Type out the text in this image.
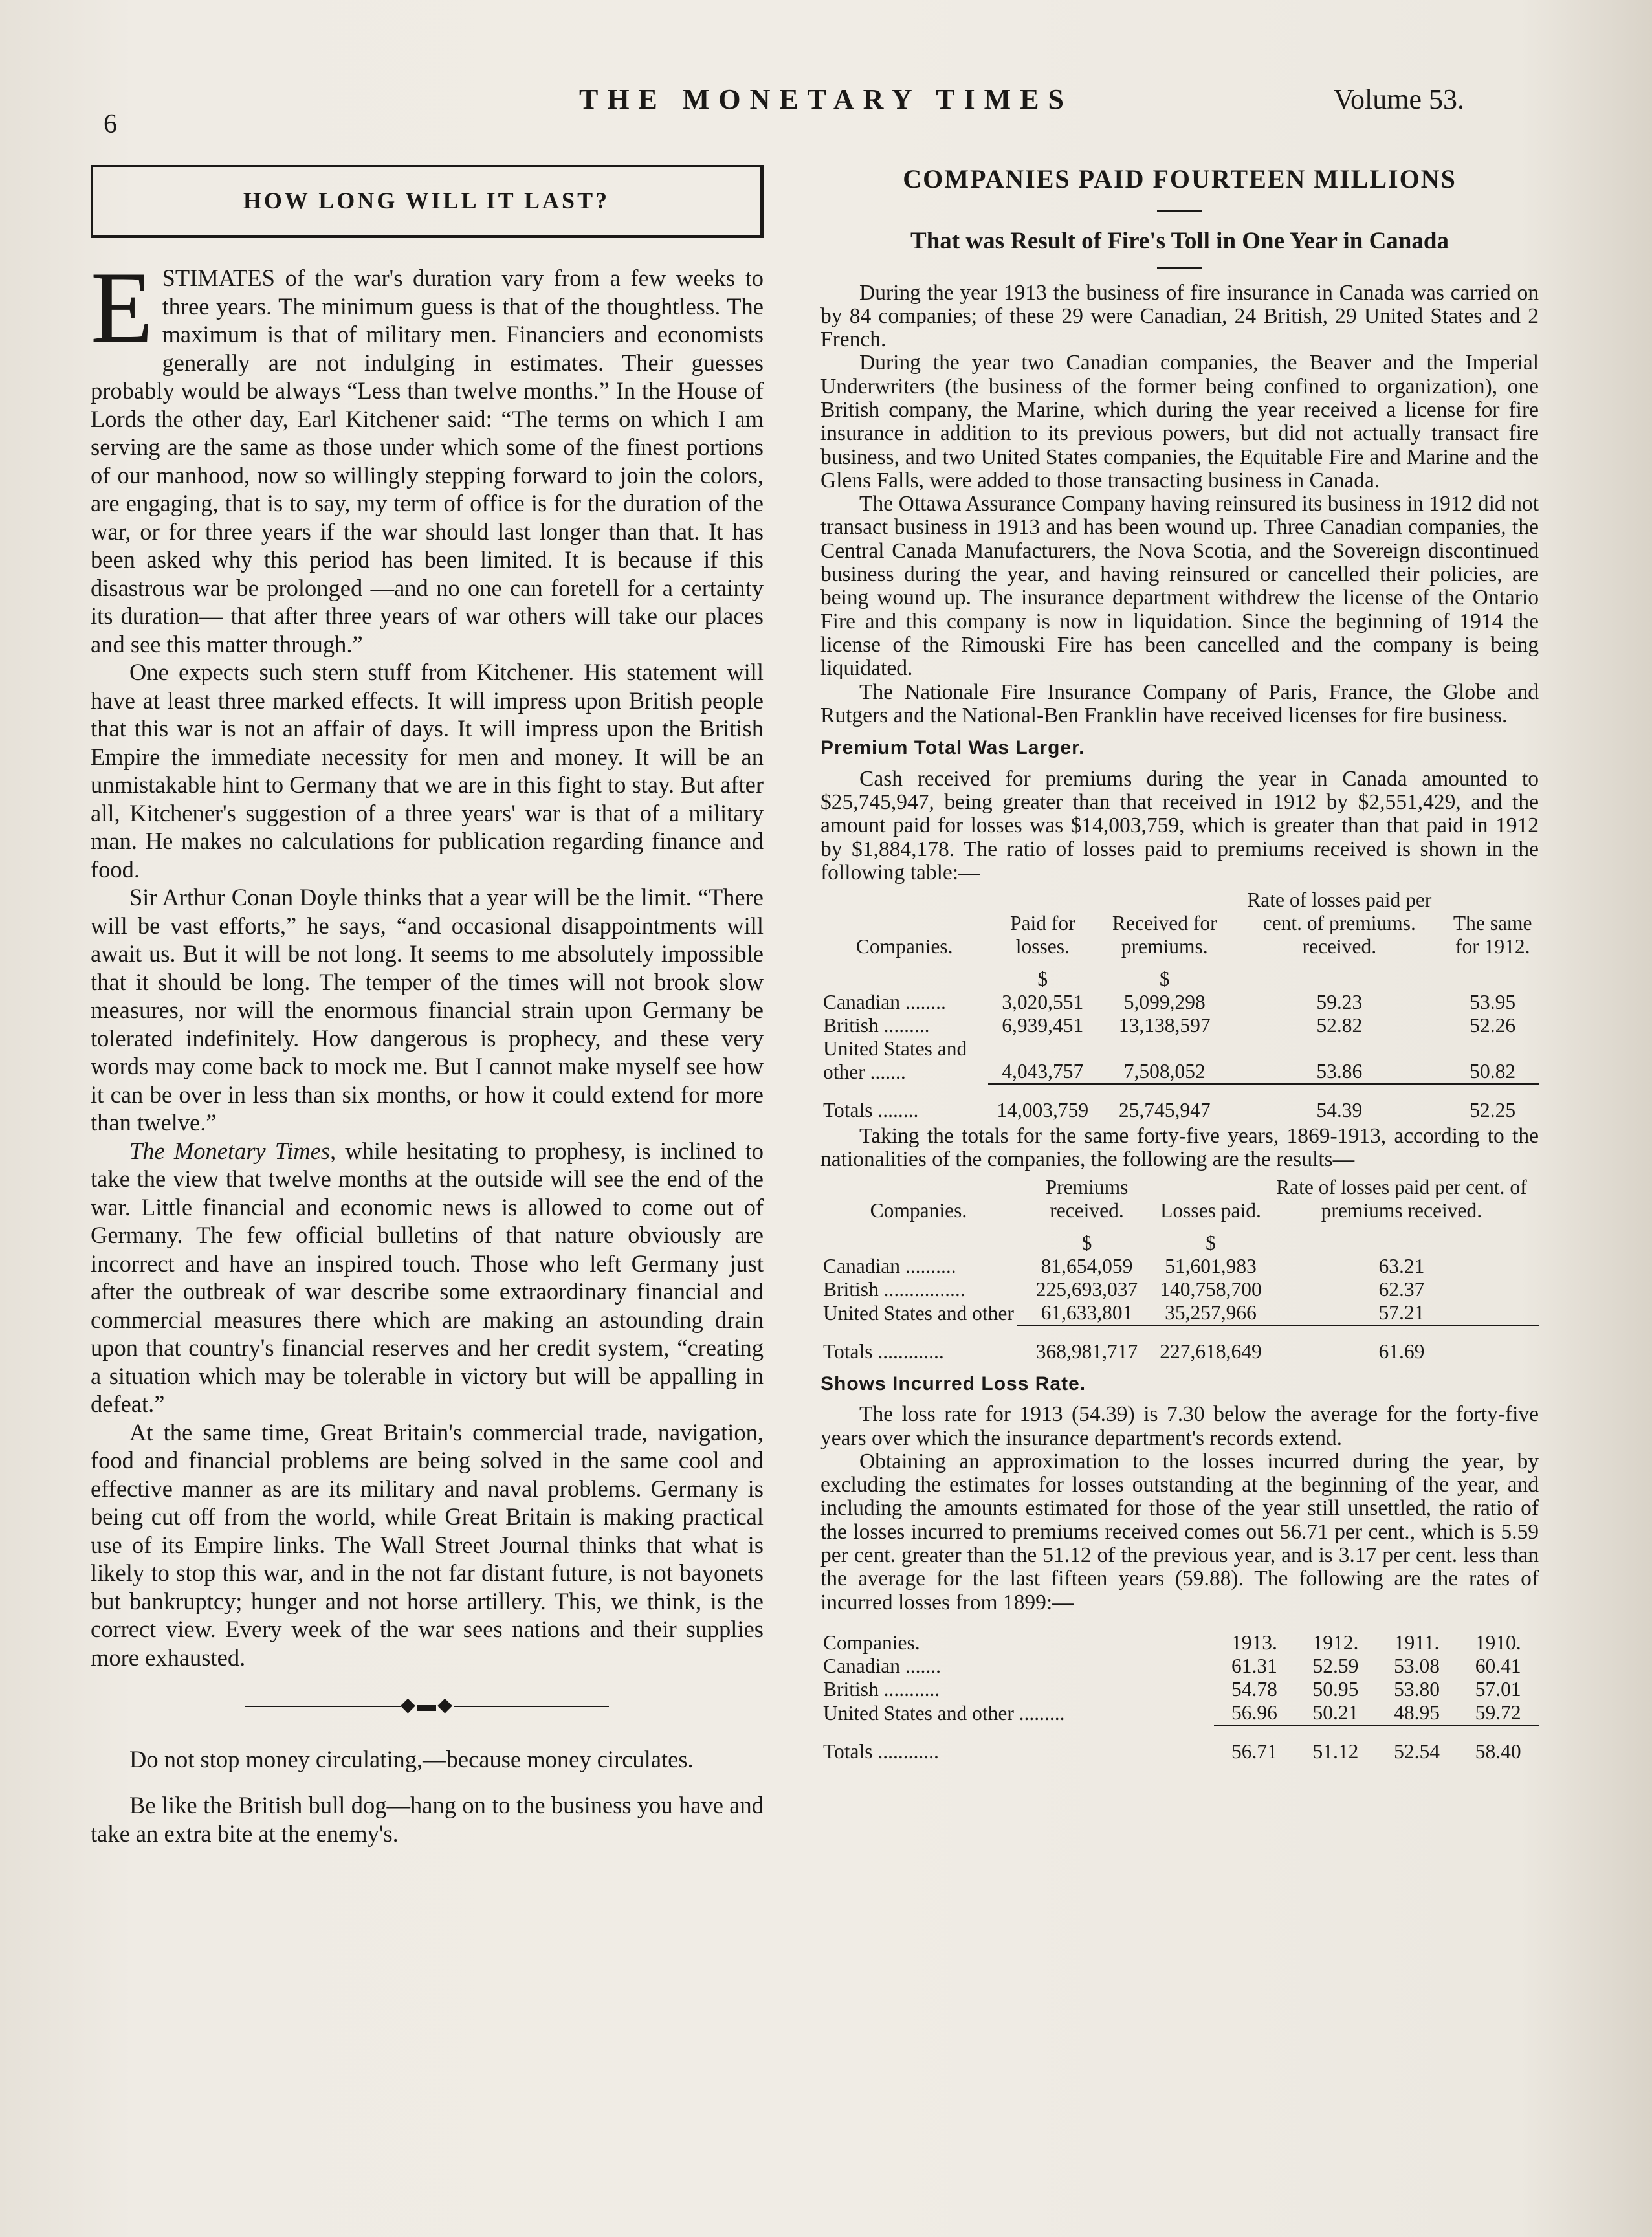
6
THE MONETARY TIMES	Volume 53.
HOW LONG WILL IT LAST?

ESTIMATES of the war's duration vary from a few weeks to three years. The minimum guess is that of the thoughtless. The maximum is that of military men. Financiers and economists generally are not indulging in estimates. Their guesses probably would be always “Less than twelve months.” In the House of Lords the other day, Earl Kitchener said: “The terms on which I am serving are the same as those under which some of the finest portions of our manhood, now so willingly stepping forward to join the colors, are engaging, that is to say, my term of office is for the duration of the war, or for three years if the war should last longer than that. It has been asked why this period has been limited. It is because if this disastrous war be prolonged —and no one can foretell for a certainty its duration— that after three years of war others will take our places and see this matter through.”

One expects such stern stuff from Kitchener. His statement will have at least three marked effects. It will impress upon British people that this war is not an affair of days. It will impress upon the British Empire the immediate necessity for men and money. It will be an unmistakable hint to Germany that we are in this fight to stay. But after all, Kitchener's suggestion of a three years' war is that of a military man. He makes no calculations for publication regarding finance and food.

Sir Arthur Conan Doyle thinks that a year will be the limit. “There will be vast efforts,” he says, “and occasional disappointments will await us. But it will be not long. It seems to me absolutely impossible that it should be long. The temper of the times will not brook slow measures, nor will the enormous financial strain upon Germany be tolerated indefinitely. How dangerous is prophecy, and these very words may come back to mock me. But I cannot make myself see how it can be over in less than six months, or how it could extend for more than twelve.”

The Monetary Times, while hesitating to prophesy, is inclined to take the view that twelve months at the outside will see the end of the war. Little financial and economic news is allowed to come out of Germany. The few official bulletins of that nature obviously are incorrect and have an inspired touch. Those who left Germany just after the outbreak of war describe some extraordinary financial and commercial measures there which are making an astounding drain upon that country's financial reserves and her credit system, “creating a situation which may be tolerable in victory but will be appalling in defeat.”

At the same time, Great Britain's commercial trade, navigation, food and financial problems are being solved in the same cool and effective manner as are its military and naval problems. Germany is being cut off from the world, while Great Britain is making practical use of its Empire links. The Wall Street Journal thinks that what is likely to stop this war, and in the not far distant future, is not bayonets but bankruptcy; hunger and not horse artillery. This, we think, is the correct view. Every week of the war sees nations and their supplies more exhausted.

◆▬◆

Do not stop money circulating,—because money circulates.

Be like the British bull dog—hang on to the business you have and take an extra bite at the enemy's.

COMPANIES PAID FOURTEEN MILLIONS
That was Result of Fire's Toll in One Year in Canada

During the year 1913 the business of fire insurance in Canada was carried on by 84 companies; of these 29 were Canadian, 24 British, 29 United States and 2 French.

During the year two Canadian companies, the Beaver and the Imperial Underwriters (the business of the former being confined to organization), one British company, the Marine, which during the year received a license for fire insurance in addition to its previous powers, but did not actually transact fire business, and two United States companies, the Equitable Fire and Marine and the Glens Falls, were added to those transacting business in Canada.

The Ottawa Assurance Company having reinsured its business in 1912 did not transact business in 1913 and has been wound up. Three Canadian companies, the Central Canada Manufacturers, the Nova Scotia, and the Sovereign discontinued business during the year, and having reinsured or cancelled their policies, are being wound up. The insurance department withdrew the license of the Ontario Fire and this company is now in liquidation. Since the beginning of 1914 the license of the Rimouski Fire has been cancelled and the company is being liquidated.

The Nationale Fire Insurance Company of Paris, France, the Globe and Rutgers and the National-Ben Franklin have received licenses for fire business.

Premium Total Was Larger.

Cash received for premiums during the year in Canada amounted to $25,745,947, being greater than that received in 1912 by $2,551,429, and the amount paid for losses was $14,003,759, which is greater than that paid in 1912 by $1,884,178. The ratio of losses paid to premiums received is shown in the following table:—

Companies.	Paid for losses.	Received for premiums.	Rate of losses paid per cent. of premiums. received.	The same for 1912.
	$	$		
Canadian ........	3,020,551	5,099,298	59.23	53.95
British .........	6,939,451	13,138,597	52.82	52.26
United States and other .......	4,043,757	7,508,052	53.86	50.82
Totals ........	14,003,759	25,745,947	54.39	52.25

Taking the totals for the same forty-five years, 1869-1913, according to the nationalities of the companies, the following are the results—

Companies.	Premiums received.	Losses paid.	Rate of losses paid per cent. of premiums received.
	$	$	
Canadian ..........	81,654,059	51,601,983	63.21
British ................	225,693,037	140,758,700	62.37
United States and other	61,633,801	35,257,966	57.21
Totals .............	368,981,717	227,618,649	61.69
Shows Incurred Loss Rate.

The loss rate for 1913 (54.39) is 7.30 below the average for the forty-five years over which the insurance department's records extend.

Obtaining an approximation to the losses incurred during the year, by excluding the estimates for losses outstanding at the beginning of the year, and including the amounts estimated for those of the year still unsettled, the ratio of the losses incurred to premiums received comes out 56.71 per cent., which is 5.59 per cent. greater than the 51.12 of the previous year, and is 3.17 per cent. less than the average for the last fifteen years (59.88). The following are the rates of incurred losses from 1899:—

Companies.	1913.	1912.	1911.	1910.
Canadian .......	61.31	52.59	53.08	60.41
British ...........	54.78	50.95	53.80	57.01
United States and other .........	56.96	50.21	48.95	59.72
Totals ............	56.71	51.12	52.54	58.40
